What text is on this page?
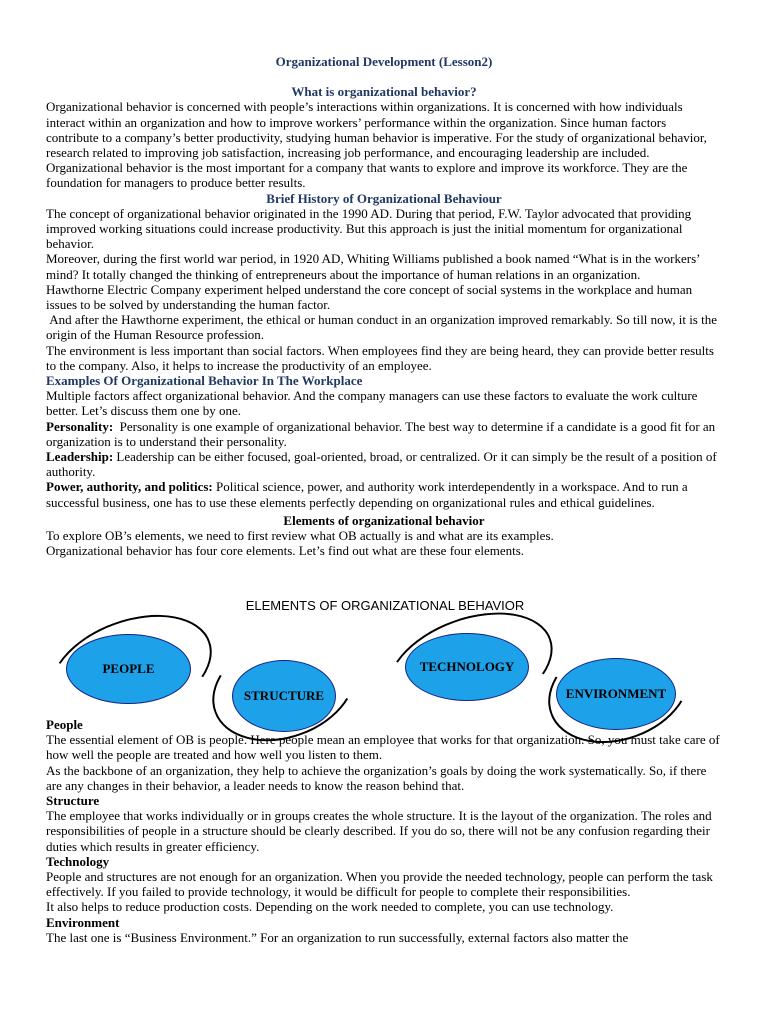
Organizational Development (Lesson2)

What is organizational behavior?

Organizational behavior is concerned with people’s interactions within organizations. It is concerned with how individuals interact within an organization and how to improve workers’ performance within the organization. Since human factors contribute to a company’s better productivity, studying human behavior is imperative. For the study of organizational behavior, research related to improving job satisfaction, increasing job performance, and encouraging leadership are included.

Organizational behavior is the most important for a company that wants to explore and improve its workforce. They are the foundation for managers to produce better results.

Brief History of Organizational Behaviour

The concept of organizational behavior originated in the 1990 AD. During that period, F.W. Taylor advocated that providing improved working situations could increase productivity. But this approach is just the initial momentum for organizational behavior.

Moreover, during the first world war period, in 1920 AD, Whiting Williams published a book named “What is in the workers’ mind? It totally changed the thinking of entrepreneurs about the importance of human relations in an organization.

Hawthorne Electric Company experiment helped understand the core concept of social systems in the workplace and human issues to be solved by understanding the human factor.

And after the Hawthorne experiment, the ethical or human conduct in an organization improved remarkably. So till now, it is the origin of the Human Resource profession.

The environment is less important than social factors. When employees find they are being heard, they can provide better results to the company. Also, it helps to increase the productivity of an employee.

Examples Of Organizational Behavior In The Workplace

Multiple factors affect organizational behavior. And the company managers can use these factors to evaluate the work culture better. Let’s discuss them one by one.

Personality:  Personality is one example of organizational behavior. The best way to determine if a candidate is a good fit for an organization is to understand their personality.

Leadership: Leadership can be either focused, goal-oriented, broad, or centralized. Or it can simply be the result of a position of authority.

Power, authority, and politics: Political science, power, and authority work interdependently in a workspace. And to run a successful business, one has to use these elements perfectly depending on organizational rules and ethical guidelines.

Elements of organizational behavior

To explore OB’s elements, we need to first review what OB actually is and what are its examples.

Organizational behavior has four core elements. Let’s find out what are these four elements.

ELEMENTS OF ORGANIZATIONAL BEHAVIOR
PEOPLE
STRUCTURE
TECHNOLOGY
ENVIRONMENT

People

The essential element of OB is people. Here people mean an employee that works for that organization. So, you must take care of how well the people are treated and how well you listen to them.

As the backbone of an organization, they help to achieve the organization’s goals by doing the work systematically. So, if there are any changes in their behavior, a leader needs to know the reason behind that.

Structure

The employee that works individually or in groups creates the whole structure. It is the layout of the organization. The roles and responsibilities of people in a structure should be clearly described. If you do so, there will not be any confusion regarding their duties which results in greater efficiency.

Technology

People and structures are not enough for an organization. When you provide the needed technology, people can perform the task effectively. If you failed to provide technology, it would be difficult for people to complete their responsibilities.

It also helps to reduce production costs. Depending on the work needed to complete, you can use technology.

Environment

The last one is “Business Environment.” For an organization to run successfully, external factors also matter the
